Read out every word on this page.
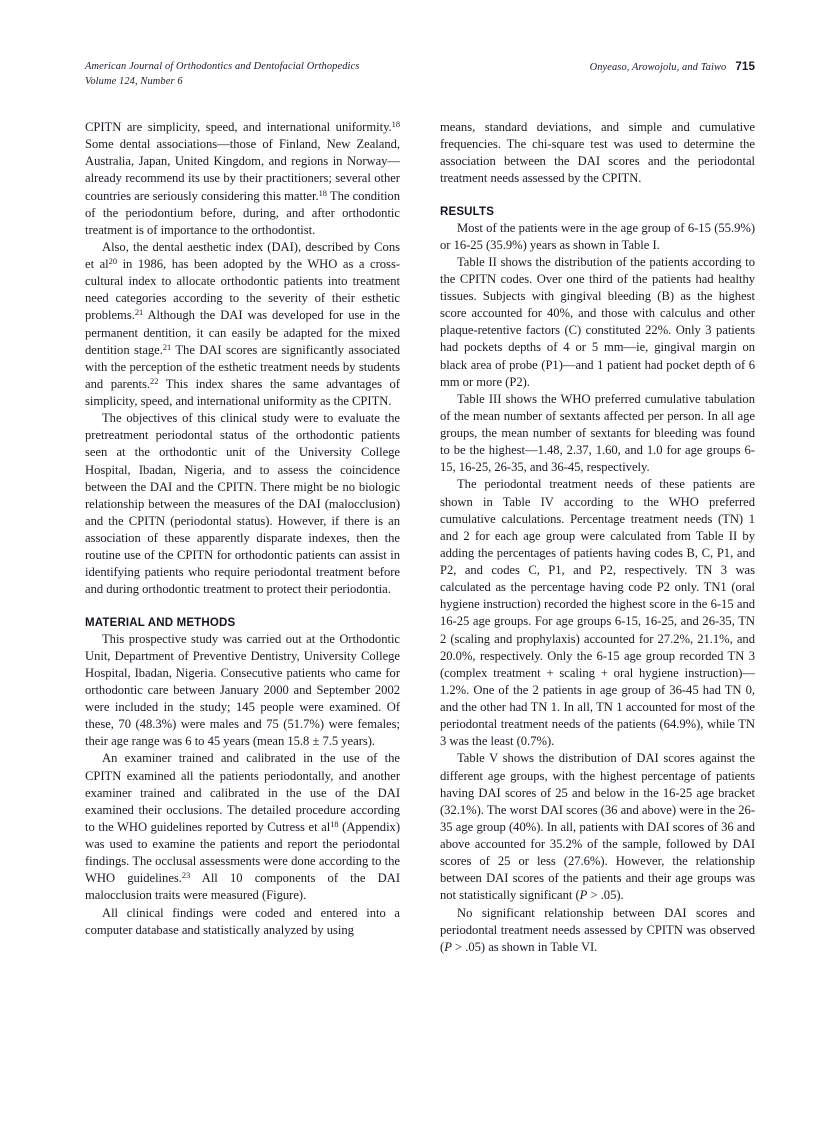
American Journal of Orthodontics and Dentofacial Orthopedics
Volume 124, Number 6
Onyeaso, Arowojolu, and Taiwo 715

CPITN are simplicity, speed, and international uniformity.$^{18}$ Some dental associations—those of Finland, New Zealand, Australia, Japan, United Kingdom, and regions in Norway—already recommend its use by their practitioners; several other countries are seriously considering this matter.$^{18}$ The condition of the periodontium before, during, and after orthodontic treatment is of importance to the orthodontist.

Also, the dental aesthetic index (DAI), described by Cons et $al^{20}$ in 1986, has been adopted by the WHO as a cross-cultural index to allocate orthodontic patients into treatment need categories according to the severity of their esthetic problems.$^{21}$ Although the DAI was developed for use in the permanent dentition, it can easily be adapted for the mixed dentition stage.$^{21}$ The DAI scores are significantly associated with the perception of the esthetic treatment needs by students and parents.$^{22}$ This index shares the same advantages of simplicity, speed, and international uniformity as the CPITN.

The objectives of this clinical study were to evaluate the pretreatment periodontal status of the orthodontic patients seen at the orthodontic unit of the University College Hospital, Ibadan, Nigeria, and to assess the coincidence between the DAI and the CPITN. There might be no biologic relationship between the measures of the DAI (malocclusion) and the CPITN (periodontal status). However, if there is an association of these apparently disparate indexes, then the routine use of the CPITN for orthodontic patients can assist in identifying patients who require periodontal treatment before and during orthodontic treatment to protect their periodontia.

MATERIAL AND METHODS

This prospective study was carried out at the Orthodontic Unit, Department of Preventive Dentistry, University College Hospital, Ibadan, Nigeria. Consecutive patients who came for orthodontic care between January 2000 and September 2002 were included in the study; 145 people were examined. Of these, 70 (48.3%) were males and 75 (51.7%) were females; their age range was 6 to 45 years (mean 15.8 ± 7.5 years).

An examiner trained and calibrated in the use of the CPITN examined all the patients periodontally, and another examiner trained and calibrated in the use of the DAI examined their occlusions. The detailed procedure according to the WHO guidelines reported by Cutress et $al^{18}$ (Appendix) was used to examine the patients and report the periodontal findings. The occlusal assessments were done according to the WHO guidelines.$^{23}$ All 10 components of the DAI malocclusion traits were measured (Figure).

All clinical findings were coded and entered into a computer database and statistically analyzed by using

means, standard deviations, and simple and cumulative frequencies. The chi-square test was used to determine the association between the DAI scores and the periodontal treatment needs assessed by the CPITN.

RESULTS

Most of the patients were in the age group of 6-15 (55.9%) or 16-25 (35.9%) years as shown in Table I.

Table II shows the distribution of the patients according to the CPITN codes. Over one third of the patients had healthy tissues. Subjects with gingival bleeding (B) as the highest score accounted for 40%, and those with calculus and other plaque-retentive factors (C) constituted 22%. Only 3 patients had pockets depths of 4 or 5 mm—ie, gingival margin on black area of probe (P1)—and 1 patient had pocket depth of 6 mm or more (P2).

Table III shows the WHO preferred cumulative tabulation of the mean number of sextants affected per person. In all age groups, the mean number of sextants for bleeding was found to be the highest—1.48, 2.37, 1.60, and 1.0 for age groups 6-15, 16-25, 26-35, and 36-45, respectively.

The periodontal treatment needs of these patients are shown in Table IV according to the WHO preferred cumulative calculations. Percentage treatment needs (TN) 1 and 2 for each age group were calculated from Table II by adding the percentages of patients having codes B, C, P1, and P2, and codes C, P1, and P2, respectively. TN 3 was calculated as the percentage having code P2 only. TN1 (oral hygiene instruction) recorded the highest score in the 6-15 and 16-25 age groups. For age groups 6-15, 16-25, and 26-35, TN 2 (scaling and prophylaxis) accounted for 27.2%, 21.1%, and 20.0%, respectively. Only the 6-15 age group recorded TN 3 (complex treatment + scaling + oral hygiene instruction)—1.2%. One of the 2 patients in age group of 36-45 had TN 0, and the other had TN 1. In all, TN 1 accounted for most of the periodontal treatment needs of the patients (64.9%), while TN 3 was the least (0.7%).

Table V shows the distribution of DAI scores against the different age groups, with the highest percentage of patients having DAI scores of 25 and below in the 16-25 age bracket (32.1%). The worst DAI scores (36 and above) were in the 26-35 age group (40%). In all, patients with DAI scores of 36 and above accounted for 35.2% of the sample, followed by DAI scores of 25 or less (27.6%). However, the relationship between DAI scores of the patients and their age groups was not statistically significant (P > .05).

No significant relationship between DAI scores and periodontal treatment needs assessed by CPITN was observed (P > .05) as shown in Table VI.
